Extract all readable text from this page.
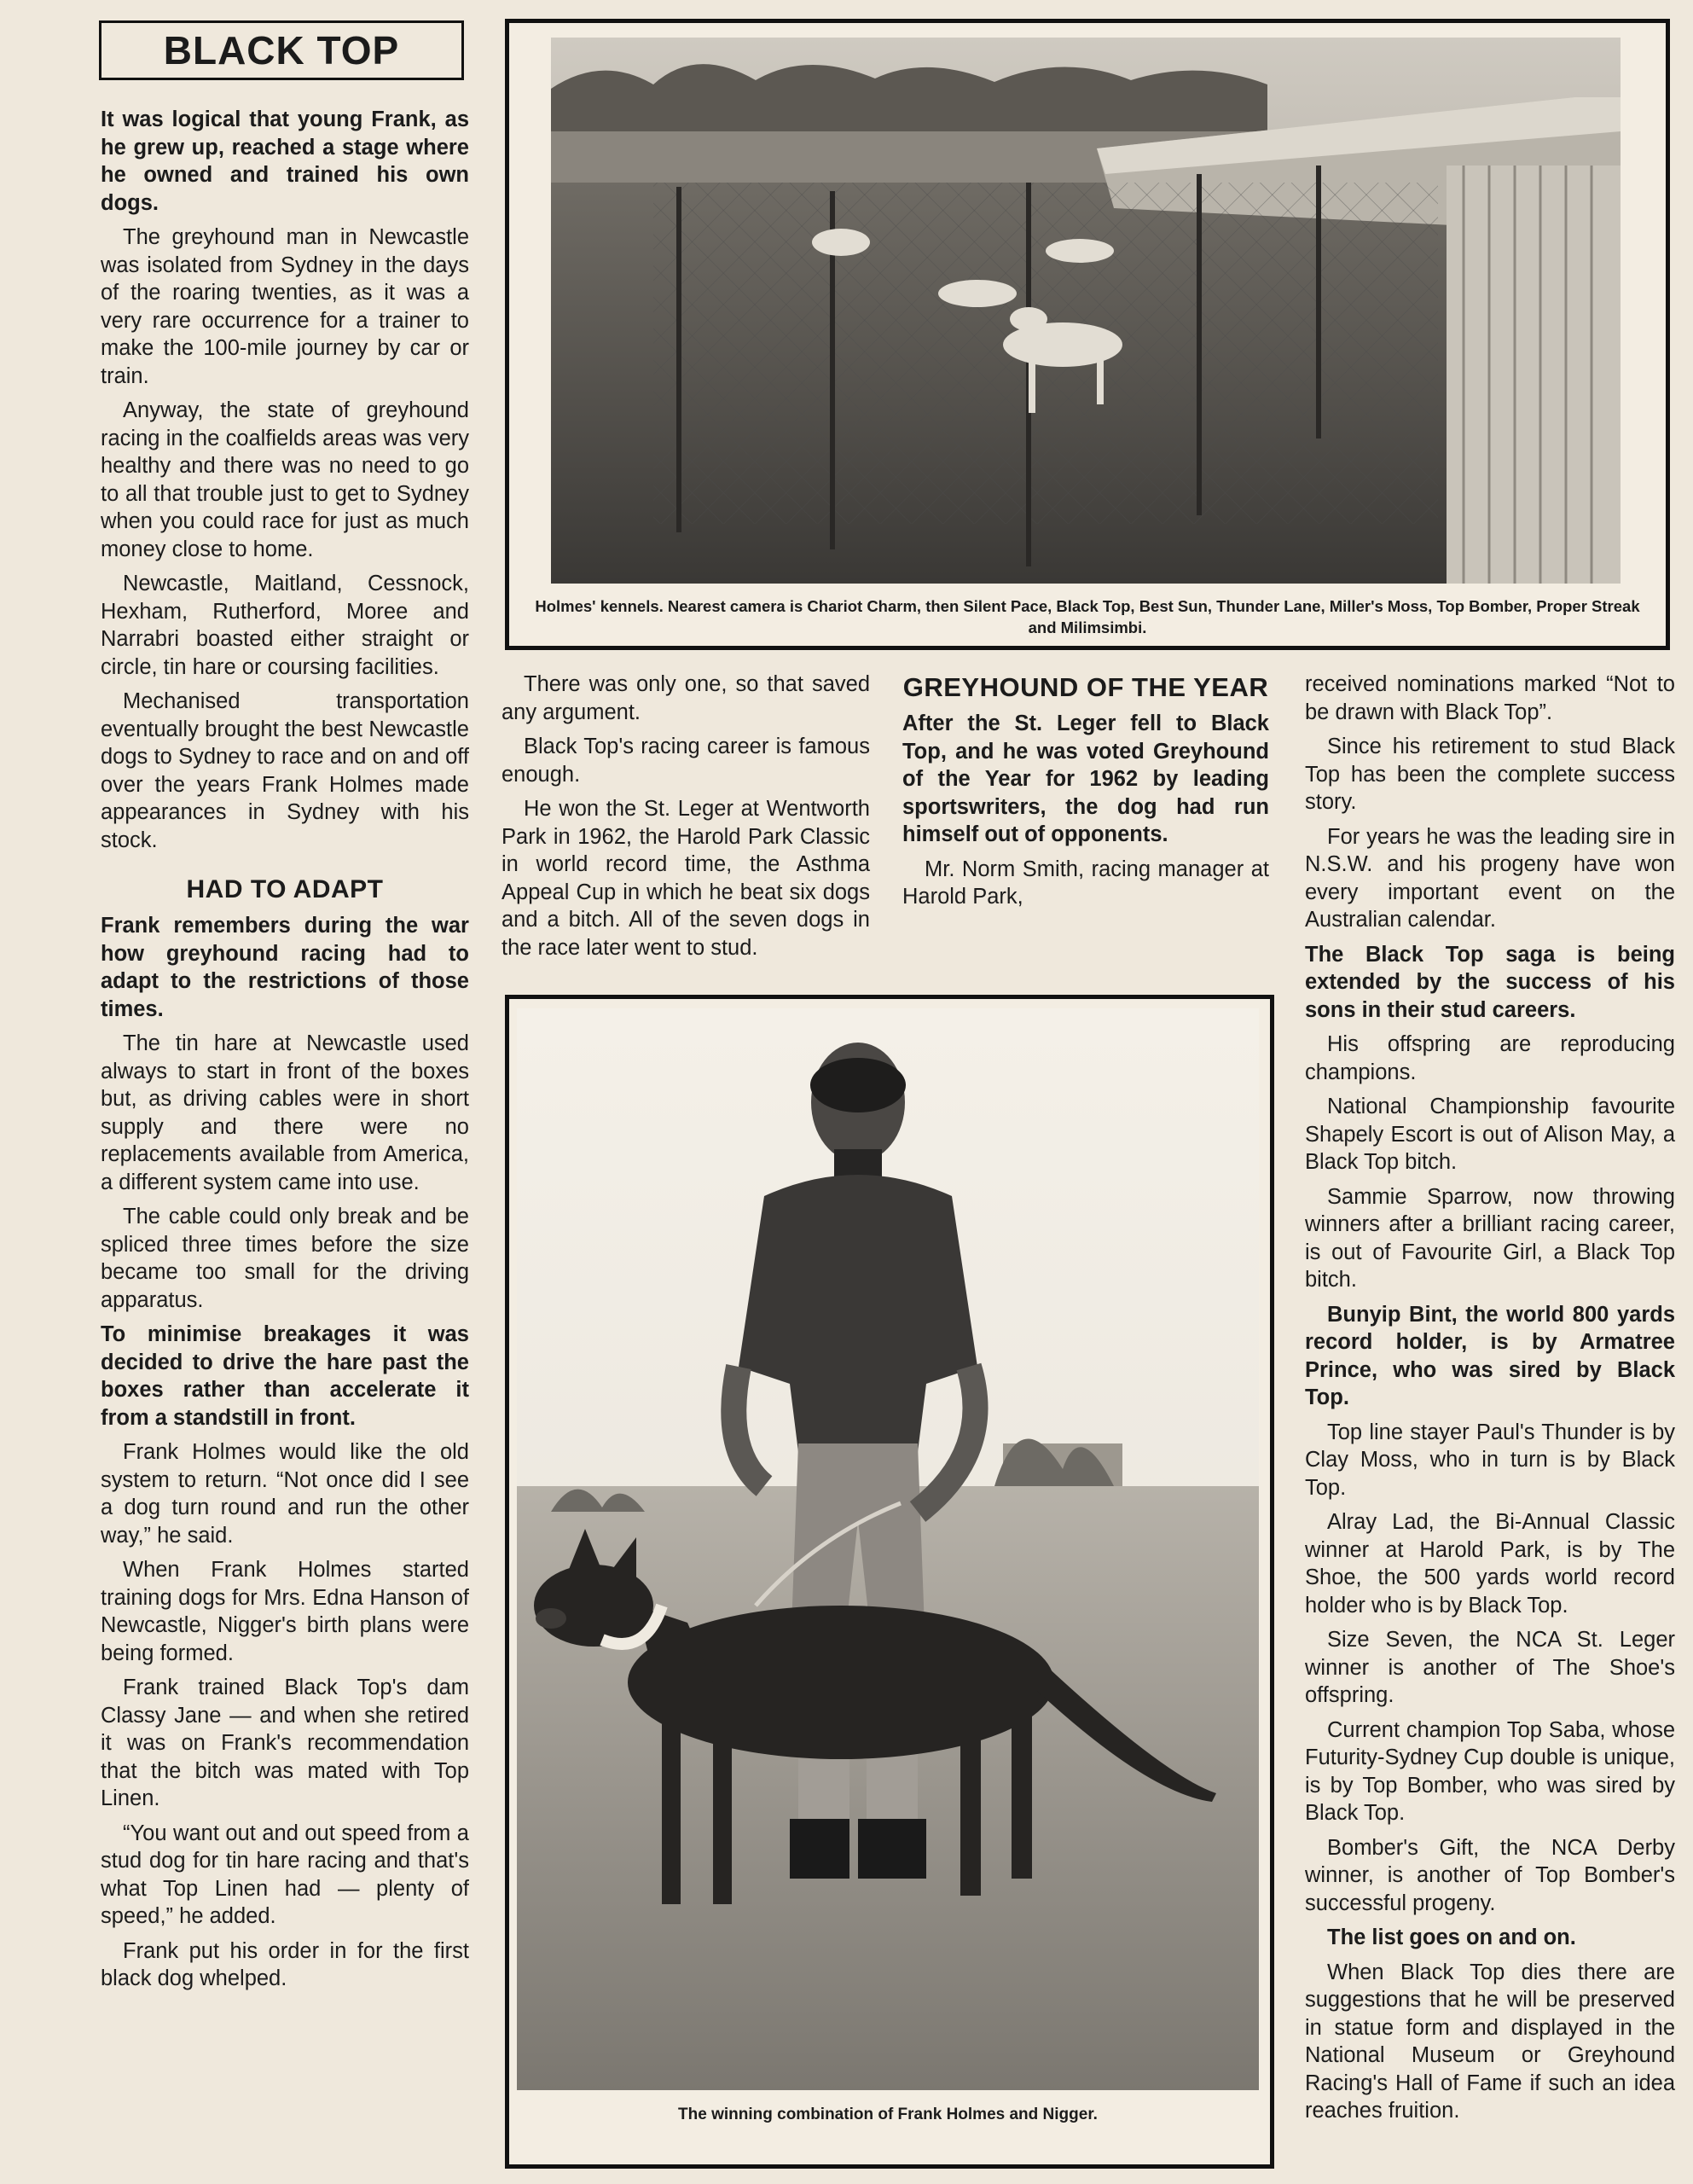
BLACK TOP

It was logical that young Frank, as he grew up, reached a stage where he owned and trained his own dogs.

The greyhound man in Newcastle was isolated from Sydney in the days of the roaring twenties, as it was a very rare occurrence for a trainer to make the 100-mile journey by car or train.

Anyway, the state of greyhound racing in the coalfields areas was very healthy and there was no need to go to all that trouble just to get to Sydney when you could race for just as much money close to home.

Newcastle, Maitland, Cessnock, Hexham, Rutherford, Moree and Narrabri boasted either straight or circle, tin hare or coursing facilities.

Mechanised transportation eventually brought the best Newcastle dogs to Sydney to race and on and off over the years Frank Holmes made appearances in Sydney with his stock.

HAD TO ADAPT

Frank remembers during the war how greyhound racing had to adapt to the restrictions of those times.

The tin hare at Newcastle used always to start in front of the boxes but, as driving cables were in short supply and there were no replacements available from America, a different system came into use.

The cable could only break and be spliced three times before the size became too small for the driving apparatus.

To minimise breakages it was decided to drive the hare past the boxes rather than accelerate it from a standstill in front.

Frank Holmes would like the old system to return. “Not once did I see a dog turn round and run the other way,” he said.

When Frank Holmes started training dogs for Mrs. Edna Hanson of Newcastle, Nigger's birth plans were being formed.

Frank trained Black Top's dam Classy Jane — and when she retired it was on Frank's recommendation that the bitch was mated with Top Linen.

“You want out and out speed from a stud dog for tin hare racing and that's what Top Linen had — plenty of speed,” he added.

Frank put his order in for the first black dog whelped.

Holmes' kennels. Nearest camera is Chariot Charm, then Silent Pace, Black Top, Best Sun, Thunder Lane, Miller's Moss, Top Bomber, Proper Streak and Milimsimbi.

There was only one, so that saved any argument.

Black Top's racing career is famous enough.

He won the St. Leger at Wentworth Park in 1962, the Harold Park Classic in world record time, the Asthma Appeal Cup in which he beat six dogs and a bitch. All of the seven dogs in the race later went to stud.

GREYHOUND OF THE YEAR

After the St. Leger fell to Black Top, and he was voted Greyhound of the Year for 1962 by leading sportswriters, the dog had run himself out of opponents.

Mr. Norm Smith, racing manager at Harold Park,

The winning combination of Frank Holmes and Nigger.

received nominations marked “Not to be drawn with Black Top”.

Since his retirement to stud Black Top has been the complete success story.

For years he was the leading sire in N.S.W. and his progeny have won every important event on the Australian calendar.

The Black Top saga is being extended by the success of his sons in their stud careers.

His offspring are reproducing champions.

National Championship favourite Shapely Escort is out of Alison May, a Black Top bitch.

Sammie Sparrow, now throwing winners after a brilliant racing career, is out of Favourite Girl, a Black Top bitch.

Bunyip Bint, the world 800 yards record holder, is by Armatree Prince, who was sired by Black Top.

Top line stayer Paul's Thunder is by Clay Moss, who in turn is by Black Top.

Alray Lad, the Bi-Annual Classic winner at Harold Park, is by The Shoe, the 500 yards world record holder who is by Black Top.

Size Seven, the NCA St. Leger winner is another of The Shoe's offspring.

Current champion Top Saba, whose Futurity-Sydney Cup double is unique, is by Top Bomber, who was sired by Black Top.

Bomber's Gift, the NCA Derby winner, is another of Top Bomber's successful progeny.

The list goes on and on.

When Black Top dies there are suggestions that he will be preserved in statue form and displayed in the National Museum or Greyhound Racing's Hall of Fame if such an idea reaches fruition.
